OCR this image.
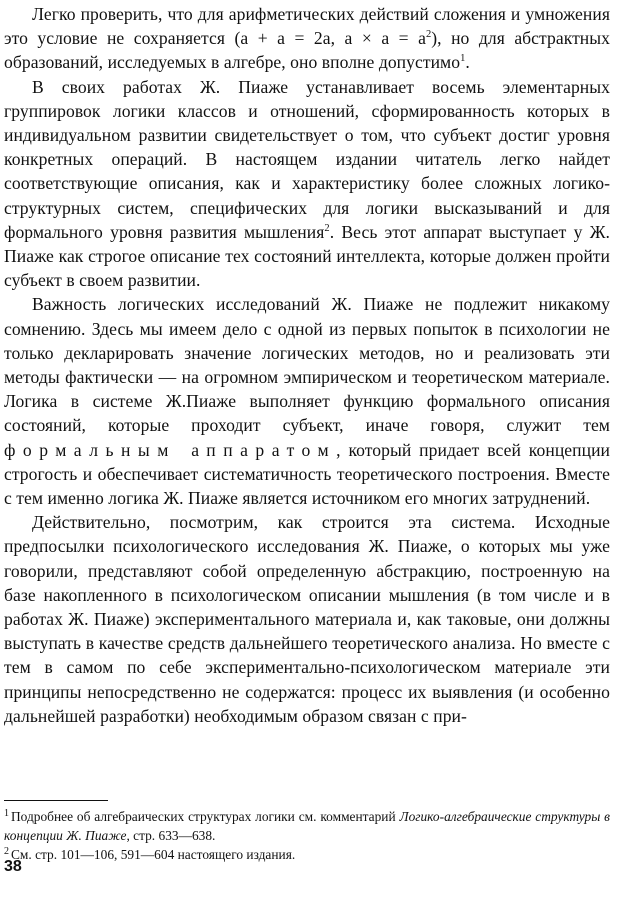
Легко проверить, что для арифметических действий сложения и умножения это условие не сохраняется (a + a = 2a, $a \times a = a^2$), но для абстрактных образований, исследуемых в алгебре, оно вполне допустимо$^1$.

В своих работах Ж. Пиаже устанавливает восемь элементарных группировок логики классов и отношений, сформированность которых в индивидуальном развитии свидетельствует о том, что субъект достиг уровня конкретных операций. В настоящем издании читатель легко найдет соответствующие описания, как и характеристику более сложных логико-структурных систем, специфических для логики высказываний и для формального уровня развития мышления$^2$. Весь этот аппарат выступает у Ж. Пиаже как строгое описание тех состояний интеллекта, которые должен пройти субъект в своем развитии.

Важность логических исследований Ж. Пиаже не подлежит никакому сомнению. Здесь мы имеем дело с одной из первых попыток в психологии не только декларировать значение логических методов, но и реализовать эти методы фактически — на огромном эмпирическом и теоретическом материале. Логика в системе Ж.Пиаже выполняет функцию формального описания состояний, которые проходит субъект, иначе говоря, служит тем формальным аппаратом, который придает всей концепции строгость и обеспечивает систематичность теоретического построения. Вместе с тем именно логика Ж. Пиаже является источником его многих затруднений.

Действительно, посмотрим, как строится эта система. Исходные предпосылки психологического исследования Ж. Пиаже, о которых мы уже говорили, представляют собой определенную абстракцию, построенную на базе накопленного в психологическом описании мышления (в том числе и в работах Ж. Пиаже) экспериментального материала и, как таковые, они должны выступать в качестве средств дальнейшего теоретического анализа. Но вместе с тем в самом по себе экспериментально-психологическом материале эти принципы непосредственно не содержатся: процесс их выявления (и особенно дальнейшей разработки) необходимым образом связан с при-

$^1$ Подробнее об алгебраических структурах логики см. комментарий Логико-алгебраические структуры в концепции Ж. Пиаже, стр. 633—638.
$^2$ См. стр. 101—106, 591—604 настоящего издания.
38
